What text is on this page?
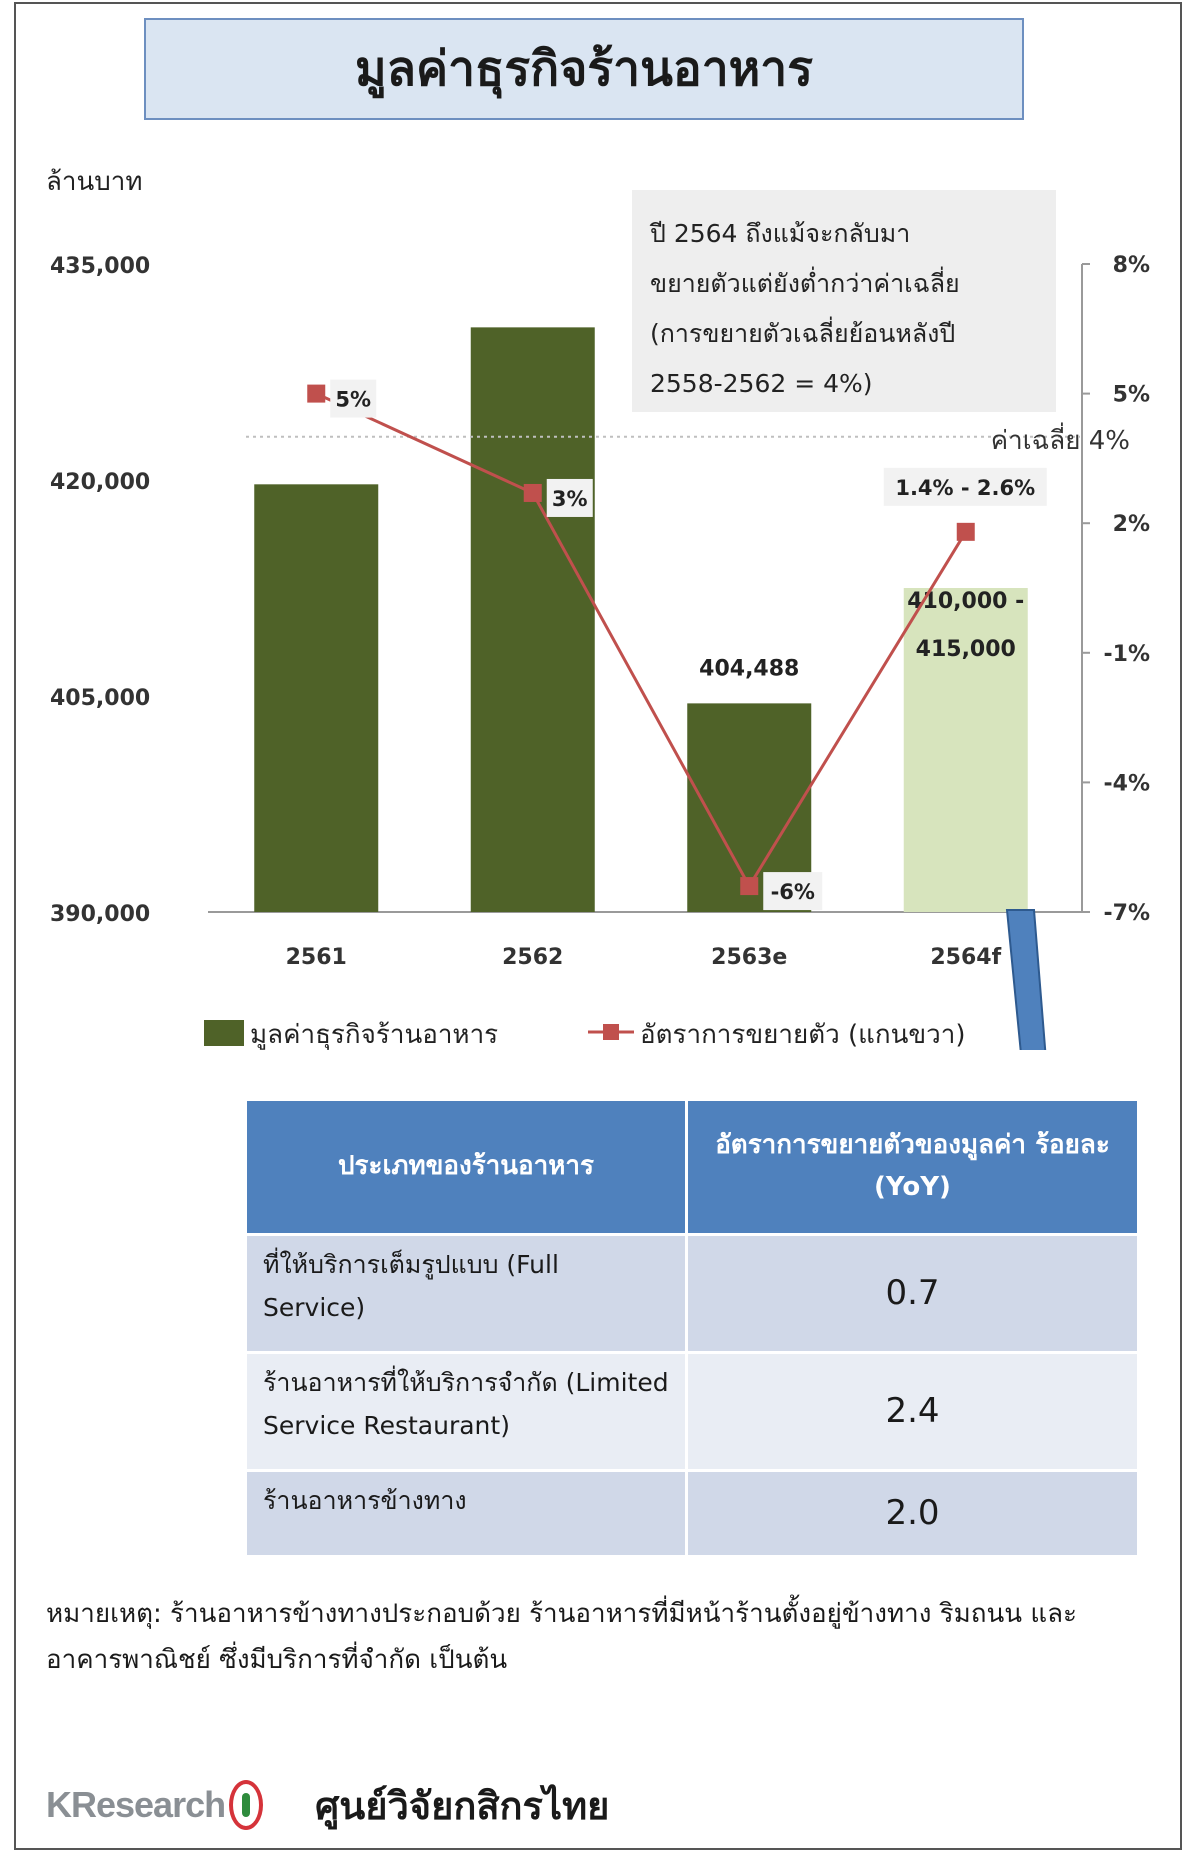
มูลค่าธุรกิจร้านอาหาร
ล้านบาท
404,488
410,000 -
415,000
ค่าเฉลี่ย 4%
5%
3%
-6%
1.4% - 2.6%
390,000
405,000
420,000
435,000
-7%
-4%
-1%
2%
5%
8%
2561	2562	2563e	2564f
ปี 2564 ถึงแม้จะกลับมา
ขยายตัวแต่ยังต่ำกว่าค่าเฉลี่ย
(การขยายตัวเฉลี่ยย้อนหลังปี
2558-2562 = 4%)
มูลค่าธุรกิจร้านอาหาร	อัตราการขยายตัว (แกนขวา)
ประเภทของร้านอาหาร	อัตราการขยายตัวของมูลค่า ร้อยละ (YoY)
ที่ให้บริการเต็มรูปแบบ (Full Service)	0.7
ร้านอาหารที่ให้บริการจำกัด (Limited Service Restaurant)	2.4
ร้านอาหารข้างทาง	2.0
หมายเหตุ: ร้านอาหารข้างทางประกอบด้วย ร้านอาหารที่มีหน้าร้านตั้งอยู่ข้างทาง ริมถนน และอาคารพาณิชย์ ซึ่งมีบริการที่จำกัด เป็นต้น
KResearch ศูนย์วิจัยกสิกรไทย
